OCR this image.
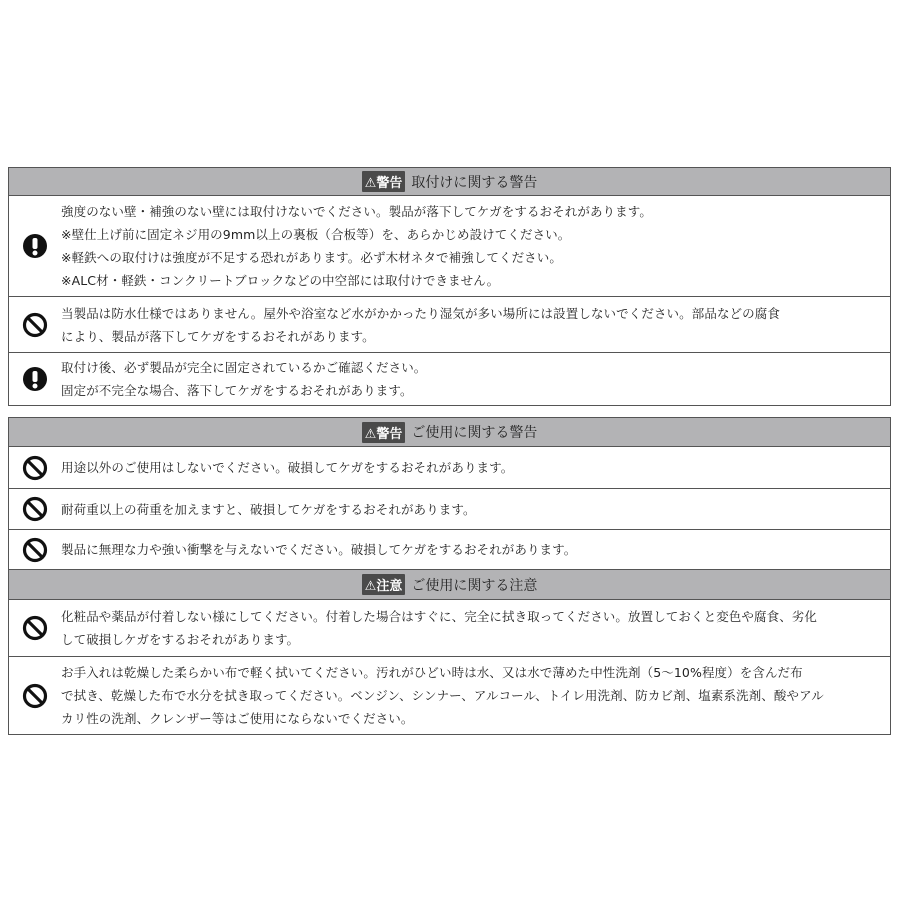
⚠警告 取付けに関する警告
強度のない壁・補強のない壁には取付けないでください。製品が落下してケガをするおそれがあります。
※壁仕上げ前に固定ネジ用の9mm以上の裏板（合板等）を、あらかじめ設けてください。
※軽鉄への取付けは強度が不足する恐れがあります。必ず木材ネタで補強してください。
※ALC材・軽鉄・コンクリートブロックなどの中空部には取付けできません。
当製品は防水仕様ではありません。屋外や浴室など水がかかったり湿気が多い場所には設置しないでください。部品などの腐食
により、製品が落下してケガをするおそれがあります。
取付け後、必ず製品が完全に固定されているかご確認ください。
固定が不完全な場合、落下してケガをするおそれがあります。
⚠警告 ご使用に関する警告
用途以外のご使用はしないでください。破損してケガをするおそれがあります。
耐荷重以上の荷重を加えますと、破損してケガをするおそれがあります。
製品に無理な力や強い衝撃を与えないでください。破損してケガをするおそれがあります。
⚠注意 ご使用に関する注意
化粧品や薬品が付着しない様にしてください。付着した場合はすぐに、完全に拭き取ってください。放置しておくと変色や腐食、劣化
して破損しケガをするおそれがあります。
お手入れは乾燥した柔らかい布で軽く拭いてください。汚れがひどい時は水、又は水で薄めた中性洗剤（5～10%程度）を含んだ布
で拭き、乾燥した布で水分を拭き取ってください。ベンジン、シンナー、アルコール、トイレ用洗剤、防カビ剤、塩素系洗剤、酸やアル
カリ性の洗剤、クレンザー等はご使用にならないでください。
